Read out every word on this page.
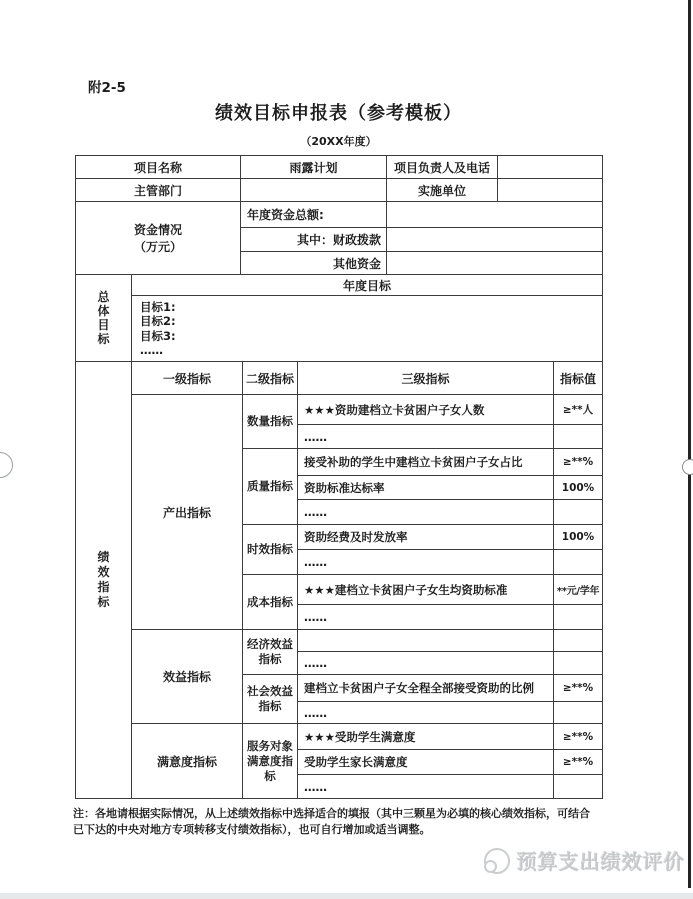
附2-5
绩效目标申报表（参考模板）
（20XX年度）
项目名称	雨露计划	项目负责人及电话	
主管部门		实施单位	

资金情况
（万元）	年度资金总额:		
	其中：财政拨款		
	其他资金		
总体目标
	年度目标

目标1:
目标2:
目标3:
……
绩效指标	一级指标	二级指标	三级指标	指标值
	产出指标	数量指标	★★★资助建档立卡贫困户子女人数	≥**人
			……	
		质量指标	接受补助的学生中建档立卡贫困户子女占比	≥**%
			资助标准达标率	100%
			……	
		时效指标	资助经费及时发放率	100%
			……	
		成本指标	★★★建档立卡贫困户子女生均资助标准	**元/学年
			……	
	效益指标	经济效益指标		
			……	
		社会效益指标	建档立卡贫困户子女全程全部接受资助的比例	≥**%
			……	
	满意度指标	服务对象满意度指标	★★★受助学生满意度	≥**%
			受助学生家长满意度	≥**%
			……	
注：各地请根据实际情况，从上述绩效指标中选择适合的填报（其中三颗星为必填的核心绩效指标，可结合
已下达的中央对地方专项转移支付绩效指标），也可自行增加或适当调整。
预算支出绩效评价
